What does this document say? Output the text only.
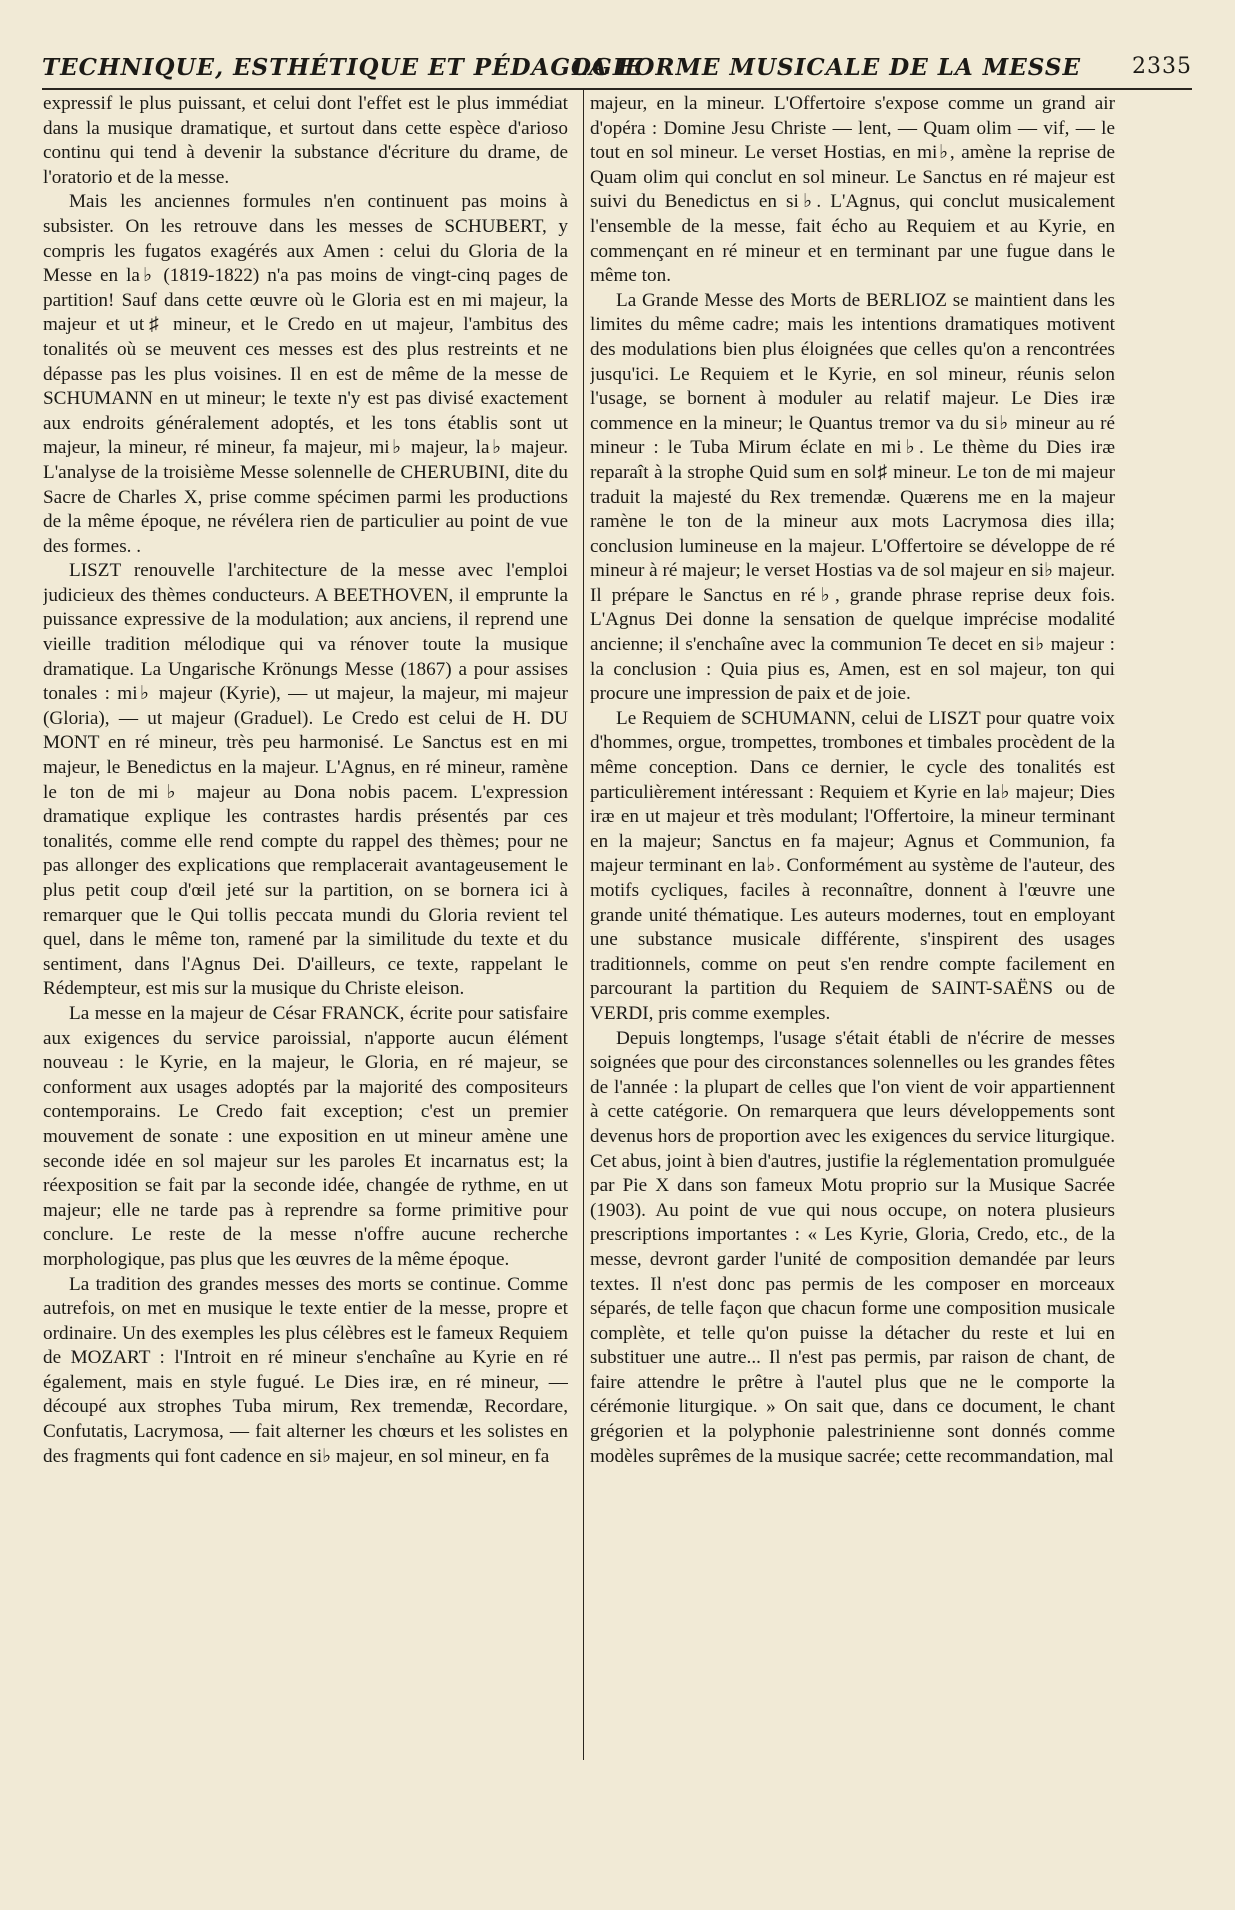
TECHNIQUE, ESTHÉTIQUE ET PÉDAGOGIE
LA FORME MUSICALE DE LA MESSE 2335

expressif le plus puissant, et celui dont l'effet est le plus immédiat dans la musique dramatique, et surtout dans cette espèce d'arioso continu qui tend à devenir la substance d'écriture du drame, de l'oratorio et de la messe.

Mais les anciennes formules n'en continuent pas moins à subsister. On les retrouve dans les messes de SCHUBERT, y compris les fugatos exagérés aux Amen : celui du Gloria de la Messe en la♭ (1819-1822) n'a pas moins de vingt-cinq pages de partition! Sauf dans cette œuvre où le Gloria est en mi majeur, la majeur et ut♯ mineur, et le Credo en ut majeur, l'ambitus des tonalités où se meuvent ces messes est des plus restreints et ne dépasse pas les plus voisines. Il en est de même de la messe de SCHUMANN en ut mineur; le texte n'y est pas divisé exactement aux endroits généralement adoptés, et les tons établis sont ut majeur, la mineur, ré mineur, fa majeur, mi♭ majeur, la♭ majeur. L'analyse de la troisième Messe solennelle de CHERUBINI, dite du Sacre de Charles X, prise comme spécimen parmi les productions de la même époque, ne révélera rien de particulier au point de vue des formes. .

LISZT renouvelle l'architecture de la messe avec l'emploi judicieux des thèmes conducteurs. A BEETHOVEN, il emprunte la puissance expressive de la modulation; aux anciens, il reprend une vieille tradition mélodique qui va rénover toute la musique dramatique. La Ungarische Krönungs Messe (1867) a pour assises tonales : mi♭ majeur (Kyrie), — ut majeur, la majeur, mi majeur (Gloria), — ut majeur (Graduel). Le Credo est celui de H. DU MONT en ré mineur, très peu harmonisé. Le Sanctus est en mi majeur, le Benedictus en la majeur. L'Agnus, en ré mineur, ramène le ton de mi♭ majeur au Dona nobis pacem. L'expression dramatique explique les contrastes hardis présentés par ces tonalités, comme elle rend compte du rappel des thèmes; pour ne pas allonger des explications que remplacerait avantageusement le plus petit coup d'œil jeté sur la partition, on se bornera ici à remarquer que le Qui tollis peccata mundi du Gloria revient tel quel, dans le même ton, ramené par la similitude du texte et du sentiment, dans l'Agnus Dei. D'ailleurs, ce texte, rappelant le Rédempteur, est mis sur la musique du Christe eleison.

La messe en la majeur de César FRANCK, écrite pour satisfaire aux exigences du service paroissial, n'apporte aucun élément nouveau : le Kyrie, en la majeur, le Gloria, en ré majeur, se conforment aux usages adoptés par la majorité des compositeurs contemporains. Le Credo fait exception; c'est un premier mouvement de sonate : une exposition en ut mineur amène une seconde idée en sol majeur sur les paroles Et incarnatus est; la réexposition se fait par la seconde idée, changée de rythme, en ut majeur; elle ne tarde pas à reprendre sa forme primitive pour conclure. Le reste de la messe n'offre aucune recherche morphologique, pas plus que les œuvres de la même époque.

La tradition des grandes messes des morts se continue. Comme autrefois, on met en musique le texte entier de la messe, propre et ordinaire. Un des exemples les plus célèbres est le fameux Requiem de MOZART : l'Introit en ré mineur s'enchaîne au Kyrie en ré également, mais en style fugué. Le Dies iræ, en ré mineur, — découpé aux strophes Tuba mirum, Rex tremendæ, Recordare, Confutatis, Lacrymosa, — fait alterner les chœurs et les solistes en des fragments qui font cadence en si♭ majeur, en sol mineur, en fa

majeur, en la mineur. L'Offertoire s'expose comme un grand air d'opéra : Domine Jesu Christe — lent, — Quam olim — vif, — le tout en sol mineur. Le verset Hostias, en mi♭, amène la reprise de Quam olim qui conclut en sol mineur. Le Sanctus en ré majeur est suivi du Benedictus en si♭. L'Agnus, qui conclut musicalement l'ensemble de la messe, fait écho au Requiem et au Kyrie, en commençant en ré mineur et en terminant par une fugue dans le même ton.

La Grande Messe des Morts de BERLIOZ se maintient dans les limites du même cadre; mais les intentions dramatiques motivent des modulations bien plus éloignées que celles qu'on a rencontrées jusqu'ici. Le Requiem et le Kyrie, en sol mineur, réunis selon l'usage, se bornent à moduler au relatif majeur. Le Dies iræ commence en la mineur; le Quantus tremor va du si♭ mineur au ré mineur : le Tuba Mirum éclate en mi♭. Le thème du Dies iræ reparaît à la strophe Quid sum en sol♯ mineur. Le ton de mi majeur traduit la majesté du Rex tremendæ. Quærens me en la majeur ramène le ton de la mineur aux mots Lacrymosa dies illa; conclusion lumineuse en la majeur. L'Offertoire se développe de ré mineur à ré majeur; le verset Hostias va de sol majeur en si♭ majeur. Il prépare le Sanctus en ré♭, grande phrase reprise deux fois. L'Agnus Dei donne la sensation de quelque imprécise modalité ancienne; il s'enchaîne avec la communion Te decet en si♭ majeur : la conclusion : Quia pius es, Amen, est en sol majeur, ton qui procure une impression de paix et de joie.

Le Requiem de SCHUMANN, celui de LISZT pour quatre voix d'hommes, orgue, trompettes, trombones et timbales procèdent de la même conception. Dans ce dernier, le cycle des tonalités est particulièrement intéressant : Requiem et Kyrie en la♭ majeur; Dies iræ en ut majeur et très modulant; l'Offertoire, la mineur terminant en la majeur; Sanctus en fa majeur; Agnus et Communion, fa majeur terminant en la♭. Conformément au système de l'auteur, des motifs cycliques, faciles à reconnaître, donnent à l'œuvre une grande unité thématique. Les auteurs modernes, tout en employant une substance musicale différente, s'inspirent des usages traditionnels, comme on peut s'en rendre compte facilement en parcourant la partition du Requiem de SAINT-SAËNS ou de VERDI, pris comme exemples.

Depuis longtemps, l'usage s'était établi de n'écrire de messes soignées que pour des circonstances solennelles ou les grandes fêtes de l'année : la plupart de celles que l'on vient de voir appartiennent à cette catégorie. On remarquera que leurs développements sont devenus hors de proportion avec les exigences du service liturgique. Cet abus, joint à bien d'autres, justifie la réglementation promulguée par Pie X dans son fameux Motu proprio sur la Musique Sacrée (1903). Au point de vue qui nous occupe, on notera plusieurs prescriptions importantes : « Les Kyrie, Gloria, Credo, etc., de la messe, devront garder l'unité de composition demandée par leurs textes. Il n'est donc pas permis de les composer en morceaux séparés, de telle façon que chacun forme une composition musicale complète, et telle qu'on puisse la détacher du reste et lui en substituer une autre... Il n'est pas permis, par raison de chant, de faire attendre le prêtre à l'autel plus que ne le comporte la cérémonie liturgique. » On sait que, dans ce document, le chant grégorien et la polyphonie palestrinienne sont donnés comme modèles suprêmes de la musique sacrée; cette recommandation, mal
